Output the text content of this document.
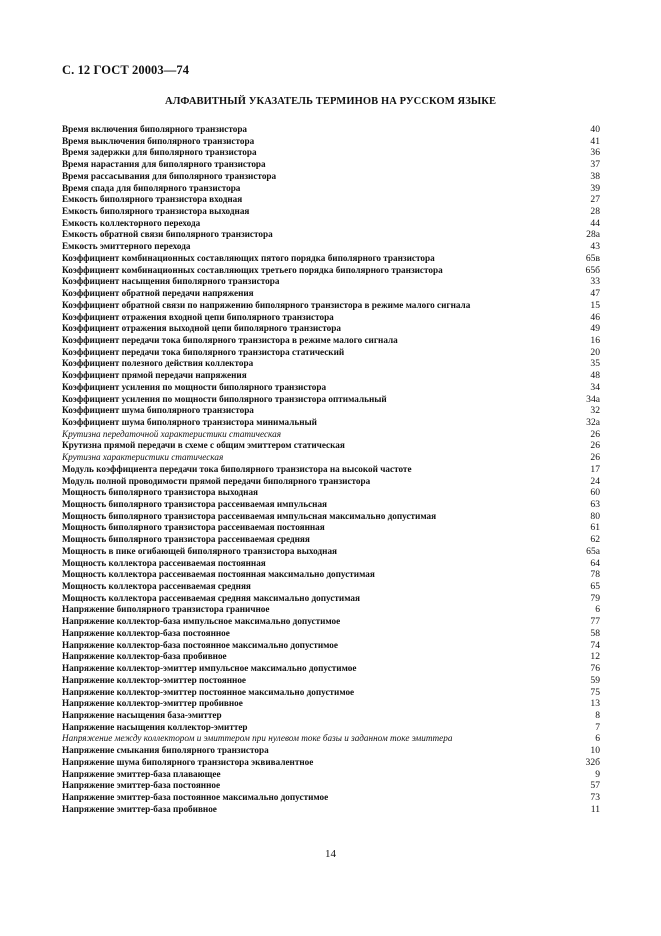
С. 12 ГОСТ 20003—74
АЛФАВИТНЫЙ УКАЗАТЕЛЬ ТЕРМИНОВ НА РУССКОМ ЯЗЫКЕ
Время включения биполярного транзистора	40
Время выключения биполярного транзистора	41
Время задержки для биполярного транзистора	36
Время нарастания для биполярного транзистора	37
Время рассасывания для биполярного транзистора	38
Время спада для биполярного транзистора	39
Емкость биполярного транзистора входная	27
Емкость биполярного транзистора выходная	28
Емкость коллекторного перехода	44
Емкость обратной связи биполярного транзистора	28а
Емкость эмиттерного перехода	43
Коэффициент комбинационных составляющих пятого порядка биполярного транзистора	65в
Коэффициент комбинационных составляющих третьего порядка биполярного транзистора	65б
Коэффициент насыщения биполярного транзистора	33
Коэффициент обратной передачи напряжения	47
Коэффициент обратной связи по напряжению биполярного транзистора в режиме малого сигнала	15
Коэффициент отражения входной цепи биполярного транзистора	46
Коэффициент отражения выходной цепи биполярного транзистора	49
Коэффициент передачи тока биполярного транзистора в режиме малого сигнала	16
Коэффициент передачи тока биполярного транзистора статический	20
Коэффициент полезного действия коллектора	35
Коэффициент прямой передачи напряжения	48
Коэффициент усиления по мощности биполярного транзистора	34
Коэффициент усиления по мощности биполярного транзистора оптимальный	34а
Коэффициент шума биполярного транзистора	32
Коэффициент шума биполярного транзистора минимальный	32а
Крутизна передаточной характеристики статическая	26
Крутизна прямой передачи в схеме с общим эмиттером статическая	26
Крутизна характеристики статическая	26
Модуль коэффициента передачи тока биполярного транзистора на высокой частоте	17
Модуль полной проводимости прямой передачи биполярного транзистора	24
Мощность биполярного транзистора выходная	60
Мощность биполярного транзистора рассеиваемая импульсная	63
Мощность биполярного транзистора рассеиваемая импульсная максимально допустимая	80
Мощность биполярного транзистора рассеиваемая постоянная	61
Мощность биполярного транзистора рассеиваемая средняя	62
Мощность в пике огибающей биполярного транзистора выходная	65а
Мощность коллектора рассеиваемая постоянная	64
Мощность коллектора рассеиваемая постоянная максимально допустимая	78
Мощность коллектора рассеиваемая средняя	65
Мощность коллектора рассеиваемая средняя максимально допустимая	79
Напряжение биполярного транзистора граничное	6
Напряжение коллектор-база импульсное максимально допустимое	77
Напряжение коллектор-база постоянное	58
Напряжение коллектор-база постоянное максимально допустимое	74
Напряжение коллектор-база пробивное	12
Напряжение коллектор-эмиттер импульсное максимально допустимое	76
Напряжение коллектор-эмиттер постоянное	59
Напряжение коллектор-эмиттер постоянное максимально допустимое	75
Напряжение коллектор-эмиттер пробивное	13
Напряжение насыщения база-эмиттер	8
Напряжение насыщения коллектор-эмиттер	7
Напряжение между коллектором и эмиттером при нулевом токе базы и заданном токе эмиттера	6
Напряжение смыкания биполярного транзистора	10
Напряжение шума биполярного транзистора эквивалентное	32б
Напряжение эмиттер-база плавающее	9
Напряжение эмиттер-база постоянное	57
Напряжение эмиттер-база постоянное максимально допустимое	73
Напряжение эмиттер-база пробивное	11
14
